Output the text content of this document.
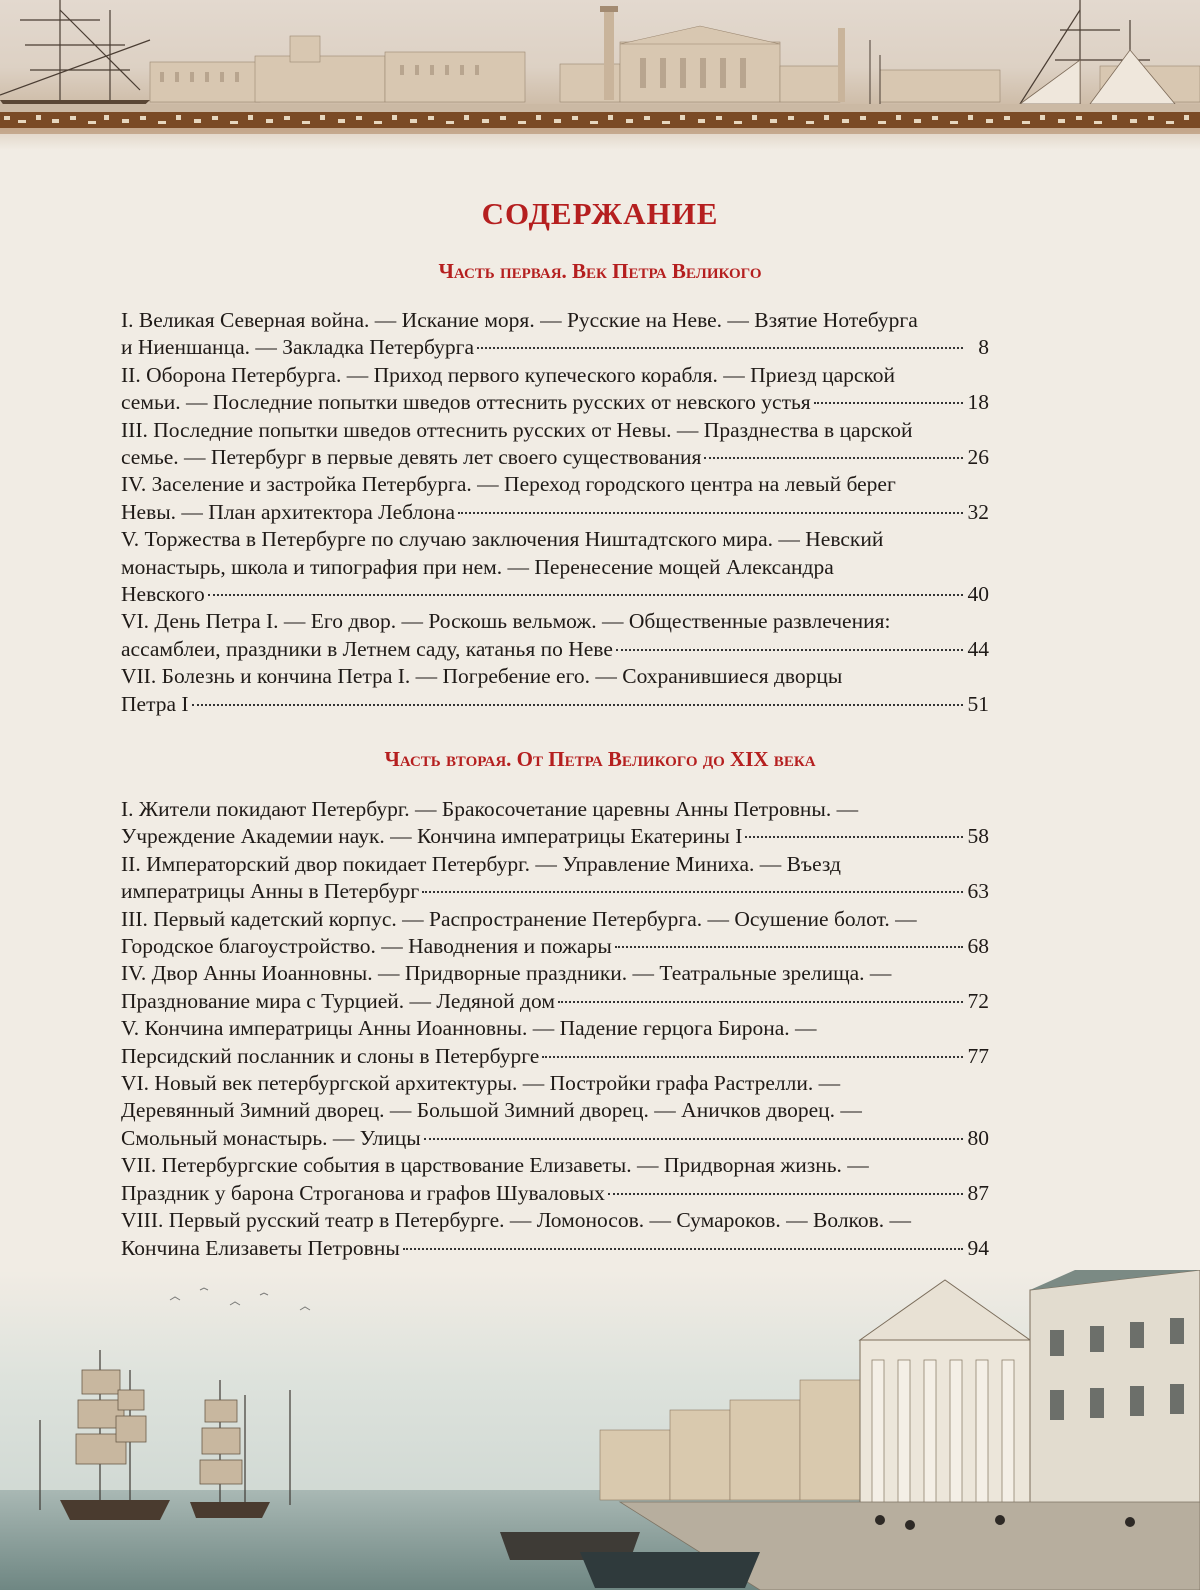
СОДЕРЖАНИЕ
Часть первая. Век Петра Великого
I. Великая Северная война. — Искание моря. — Русские на Неве. — Взятие Нотебурга
и Ниеншанца. — Закладка Петербурга	8
II. Оборона Петербурга. — Приход первого купеческого корабля. — Приезд царской
семьи. — Последние попытки шведов оттеснить русских от невского устья	18
III. Последние попытки шведов оттеснить русских от Невы. — Празднества в царской
семье. — Петербург в первые девять лет своего существования	26
IV. Заселение и застройка Петербурга. — Переход городского центра на левый берег
Невы. — План архитектора Леблона	32
V. Торжества в Петербурге по случаю заключения Ништадтского мира. — Невский
монастырь, школа и типография при нем. — Перенесение мощей Александра
Невского	40
VI. День Петра I. — Его двор. — Роскошь вельмож. — Общественные развлечения:
ассамблеи, праздники в Летнем саду, катанья по Неве	44
VII. Болезнь и кончина Петра I. — Погребение его. — Сохранившиеся дворцы
Петра I	51
Часть вторая. От Петра Великого до XIX века
I. Жители покидают Петербург. — Бракосочетание царевны Анны Петровны. —
Учреждение Академии наук. — Кончина императрицы Екатерины I	58
II. Императорский двор покидает Петербург. — Управление Миниха. — Въезд
императрицы Анны в Петербург	63
III. Первый кадетский корпус. — Распространение Петербурга. — Осушение болот. —
Городское благоустройство. — Наводнения и пожары	68
IV. Двор Анны Иоанновны. — Придворные праздники. — Театральные зрелища. —
Празднование мира с Турцией. — Ледяной дом	72
V. Кончина императрицы Анны Иоанновны. — Падение герцога Бирона. —
Персидский посланник и слоны в Петербурге	77
VI. Новый век петербургской архитектуры. — Постройки графа Растрелли. —
Деревянный Зимний дворец. — Большой Зимний дворец. — Аничков дворец. —
Смольный монастырь. — Улицы	80
VII. Петербургские события в царствование Елизаветы. — Придворная жизнь. —
Праздник у барона Строганова и графов Шуваловых	87
VIII. Первый русский театр в Петербурге. — Ломоносов. — Сумароков. — Волков. —
Кончина Елизаветы Петровны	94
